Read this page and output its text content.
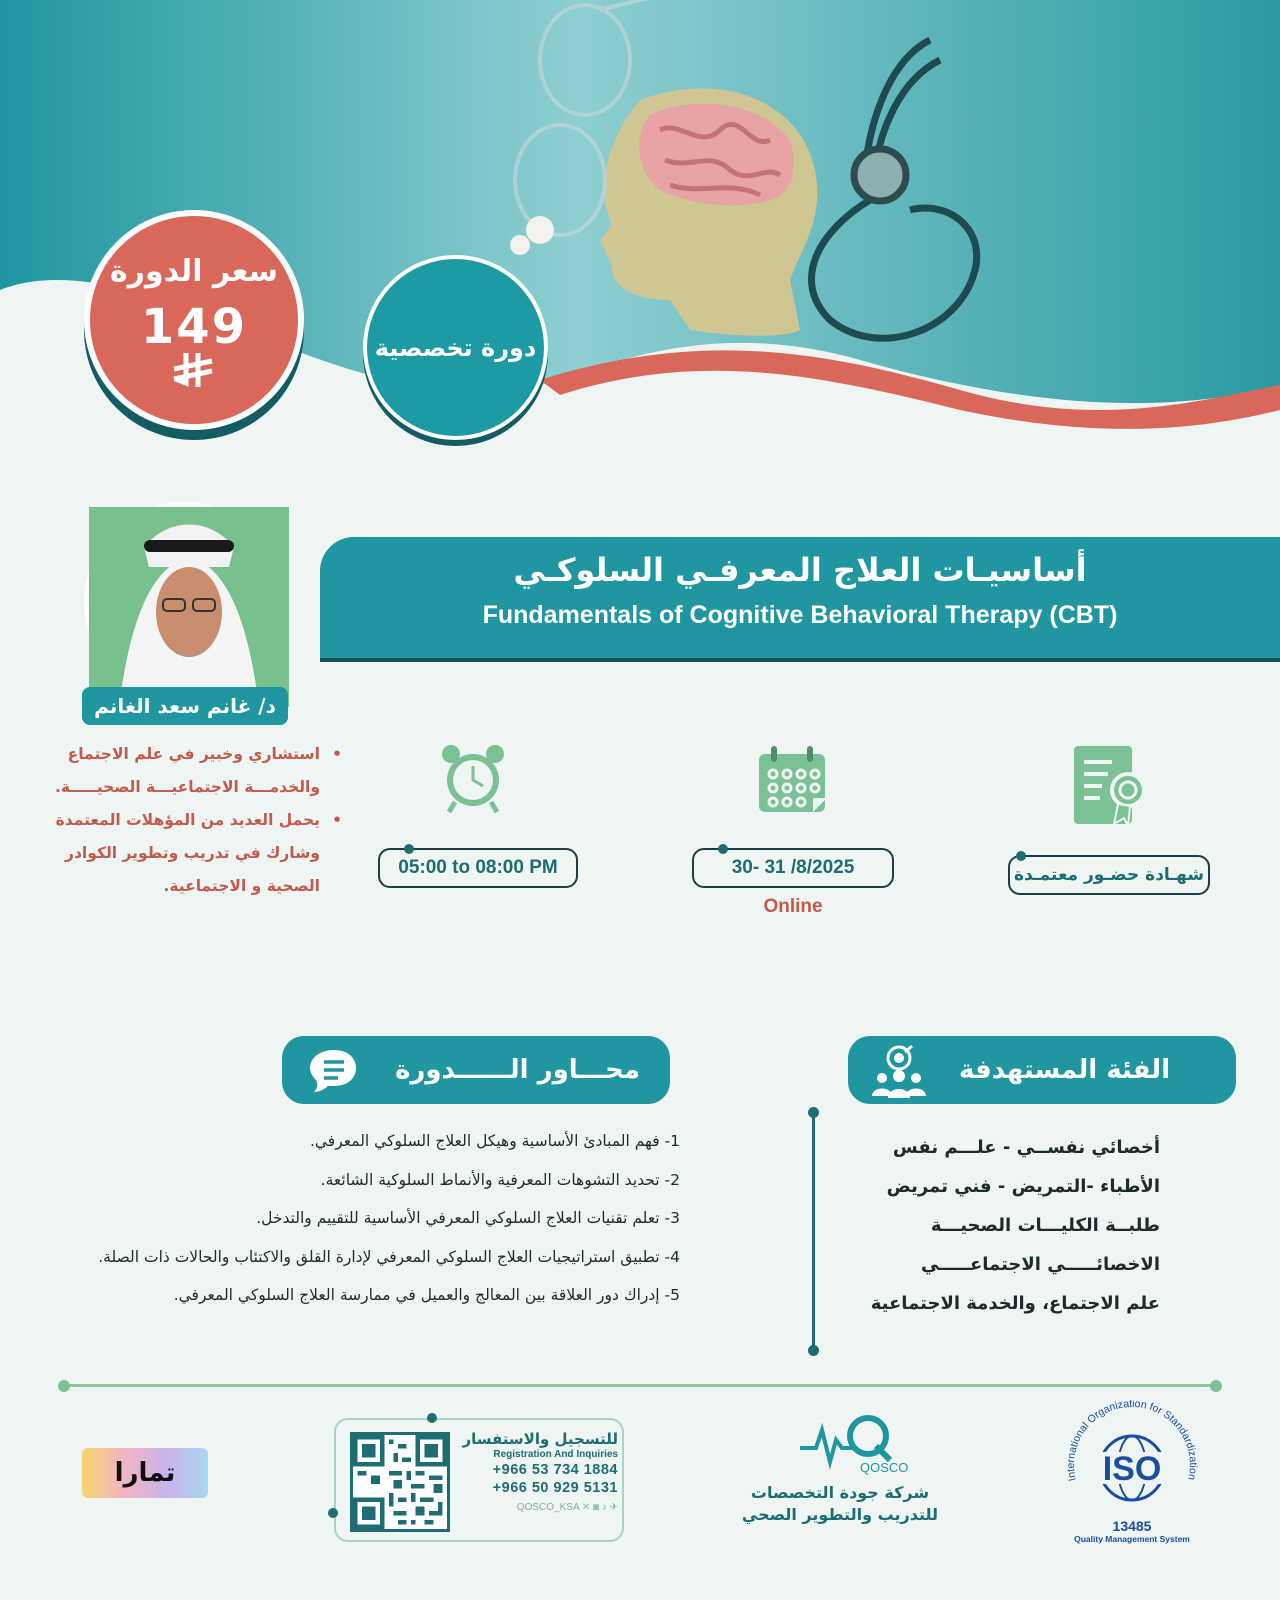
سعر الدورة
149	دورة تخصصية
د/ غانم سعد الغانم
• استشاري وخبير في علم الاجتماع والخدمـــة الاجتماعيـــة الصحيـــــة.
• يحمل العديد من المؤهلات المعتمدة وشارك في تدريب وتطوير الكوادر الصحية و الاجتماعية.
أساسيـات العلاج المعرفـي السلوكـي
Fundamentals of Cognitive Behavioral Therapy (CBT)
05:00 to 08:00 PM	30- 31 /8/2025
Online
شهـادة حضـور معتمـدة
محـــاور الــــــدورة
1- فهم المبادئ الأساسية وهيكل العلاج السلوكي المعرفي.
2- تحديد التشوهات المعرفية والأنماط السلوكية الشائعة.
3- تعلم تقنيات العلاج السلوكي المعرفي الأساسية للتقييم والتدخل.
4- تطبيق استراتيجيات العلاج السلوكي المعرفي لإدارة القلق والاكتئاب والحالات ذات الصلة.
5- إدراك دور العلاقة بين المعالج والعميل في ممارسة العلاج السلوكي المعرفي.
الفئة المستهدفة
أخصائي نفســي - علـــم نفس
الأطباء -التمريض - فني تمريض
طلبــة الكليـــات الصحيـــة
الاخصائـــــي الاجتماعـــــي
علم الاجتماع، والخدمة الاجتماعية
International Organization for Standardization
ISO
13485
Quality Management System
QOSCO
شركة جودة التخصصات
للتدريب والتطوير الصحي
للتسجيل والاستفسار
Registration And Inquiries
+966 53 734 1884
+966 50 929 5131
QOSCO_KSA ✕ ◙ ♪ ✈
تمارا
